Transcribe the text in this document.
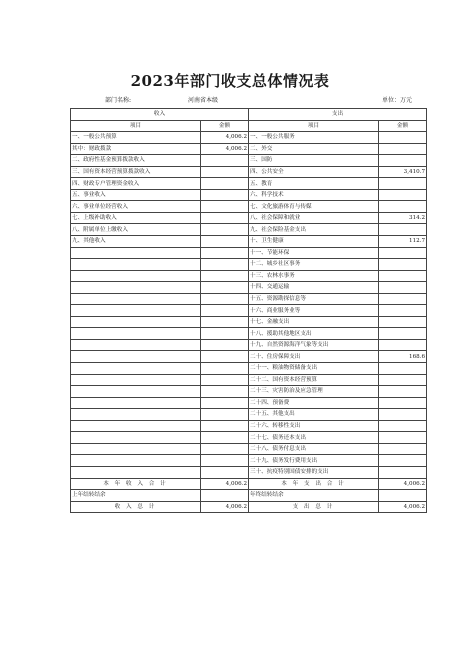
2023年部门收支总体情况表
部门名称:	河南省本级	单位：万元
收入		支出	
项目	金额	项目	金额
一、一般公共预算	4,006.2	一、一般公共服务	
其中：财政拨款	4,006.2	二、外交	
二、政府性基金预算拨款收入		三、国防	
三、国有资本经营预算拨款收入		四、公共安全	3,410.7
四、财政专户管理资金收入		五、教育	
五、事业收入		六、科学技术	
六、事业单位经营收入		七、文化旅游体育与传媒	
七、上级补助收入		八、社会保障和就业	314.2
八、附属单位上缴收入		九、社会保险基金支出	
九、其他收入		十、卫生健康	112.7
		十一、节能环保	
		十二、城乡社区事务	
		十三、农林水事务	
		十四、交通运输	
		十五、资源勘探信息等	
		十六、商业服务业等	
		十七、金融支出	
		十八、援助其他地区支出	
		十九、自然资源海洋气象等支出	
		二十、住房保障支出	168.6
		二十一、粮油物资储备支出	
		二十二、国有资本经营预算	
		二十三、灾害防治及应急管理	
		二十四、预备费	
		二十五、其他支出	
		二十六、转移性支出	
		二十七、债务还本支出	
		二十八、债务付息支出	
		二十九、债务发行费用支出	
		三十、抗疫特别国债安排的支出	
本 年 收 入 合 计	4,006.2	本 年 支 出 合 计	4,006.2
上年结转结余		年终结转结余	
收 入 总 计	4,006.2	支 出 总 计	4,006.2
